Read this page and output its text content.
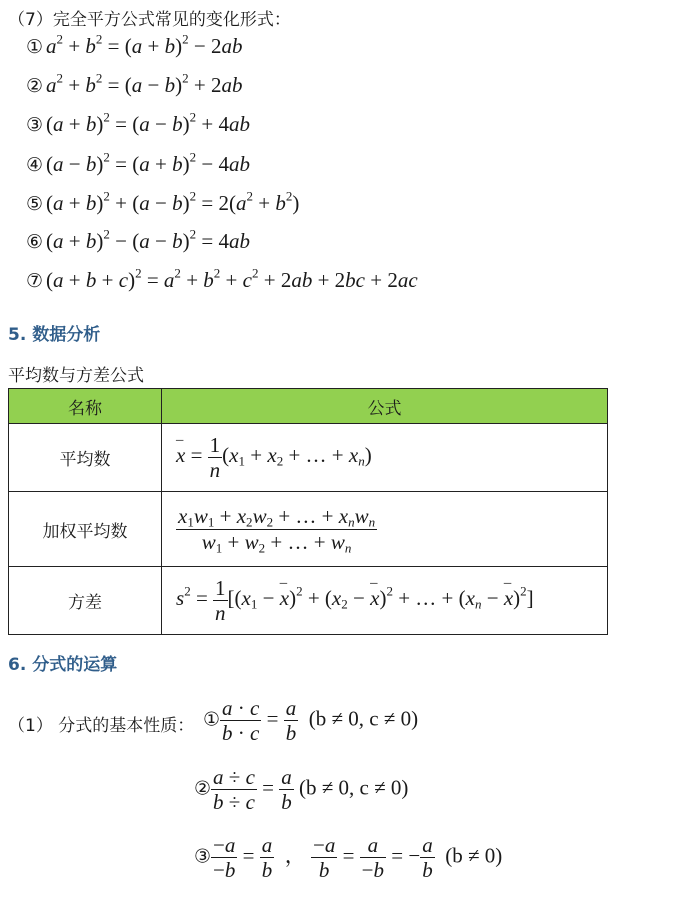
（7）完全平方公式常见的变化形式：
① $a^2 + b^2 = (a + b)^2 - 2ab$
② $a^2 + b^2 = (a - b)^2 + 2ab$
③ $(a + b)^2 = (a - b)^2 + 4ab$
④ $(a - b)^2 = (a + b)^2 - 4ab$
⑤ $(a + b)^2 + (a - b)^2 = 2(a^2 + b^2)$
⑥ $(a + b)^2 - (a - b)^2 = 4ab$
⑦ $(a + b + c)^2 = a^2 + b^2 + c^2 + 2ab + 2bc + 2ac$
5. 数据分析
平均数与方差公式
名称	公式
平均数	– $x = \frac{1}{n} (x_1 + x_2$ + … + $x_n$)
加权平均数	$\frac{x_1w_1 + x_2w_2 + \dots + x_nw_n}{w_1 + w_2 + \dots + w_n}$

方差	$s^2 = \frac{1}{n} [(x_1$ − – $x)^2 + (x_2$ − – x)$^2$ + … + ($x_n$ − – x)$^2$]
6. 分式的运算
（1） 分式的基本性质： ① $\frac{a \cdot c}{b \cdot c} = \frac{a}{b} (b \ne 0$, c ≠ 0)
② $\frac{a \div c}{b \div c} = \frac{a}{b} (b \ne 0$, c ≠ 0)
③ $\frac{-a}{-b} = \frac{a}{b}$ ， $\frac{-a}{b} = \frac{a}{-b}$ = − $\frac{a}{b} (b \ne 0)$
